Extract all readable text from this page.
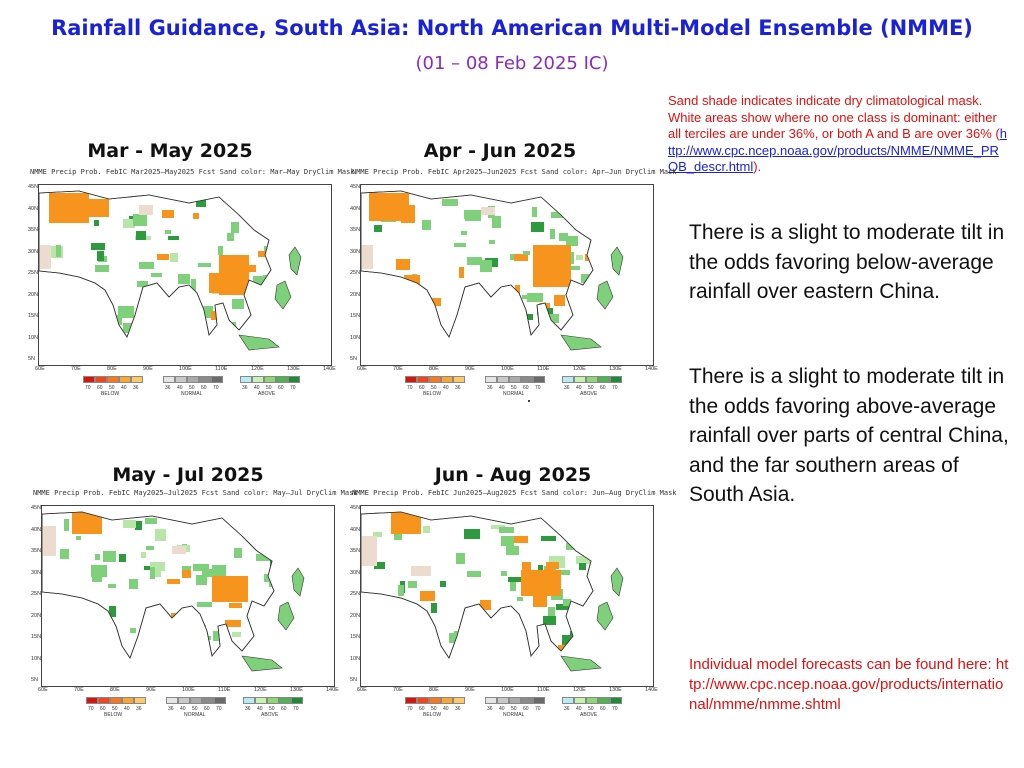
Rainfall Guidance, South Asia: North American Multi-Model Ensemble (NMME)
(01 – 08 Feb 2025 IC)
Sand shade indicates indicate dry climatological mask. White areas show where no one class is dominant: either all terciles are under 36%, or both A and B are over 36% (http://www.cpc.ncep.noaa.gov/products/NMME/NMME_PROB_descr.html).
There is a slight to moderate tilt in the odds favoring below-average rainfall over eastern China.
There is a slight to moderate tilt in the odds favoring above-average rainfall over parts of central China, and the far southern areas of South Asia.
Individual model forecasts can be found here: http://www.cpc.ncep.noaa.gov/products/international/nmme/nmme.shtml
Mar - May 2025	Apr - Jun 2025
May - Jul 2025	Jun - Aug 2025
NMME Precip Prob. FebIC Mar2025–May2025 Fcst Sand color: Mar–May DryClim Mask
45N
40N
35N
30N
25N
20N
15N
10N
5N
60E	70E	80E	90E	100E	110E	120E	130E	140E
NMME Precip Prob. FebIC Apr2025–Jun2025 Fcst Sand color: Apr–Jun DryClim Mask
45N
40N
35N
30N
25N
20N
15N
10N
5N
60E	70E	80E	90E	100E	110E	120E	130E	140E
NMME Precip Prob. FebIC May2025–Jul2025 Fcst Sand color: May–Jul DryClim Mask
45N
40N
35N
30N
25N
20N
15N
10N
5N
60E	70E	80E	90E	100E	110E	120E	130E	140E
NMME Precip Prob. FebIC Jun2025–Aug2025 Fcst Sand color: Jun–Aug DryClim Mask
45N
40N
35N
30N
25N
20N
15N
10N
5N
60E	70E	80E	90E	100E	110E	120E	130E	140E
70 60 50 40 36
BELOW
36 40 50 60 70
NORMAL
36 40 50 60 70
ABOVE
70 60 50 40 36
BELOW
36 40 50 60 70
NORMAL
36 40 50 60 70
ABOVE
70 60 50 40 36
BELOW
36 40 50 60 70
NORMAL
36 40 50 60 70
ABOVE
70 60 50 40 36
BELOW
36 40 50 60 70
NORMAL
36 40 50 60 70
ABOVE
